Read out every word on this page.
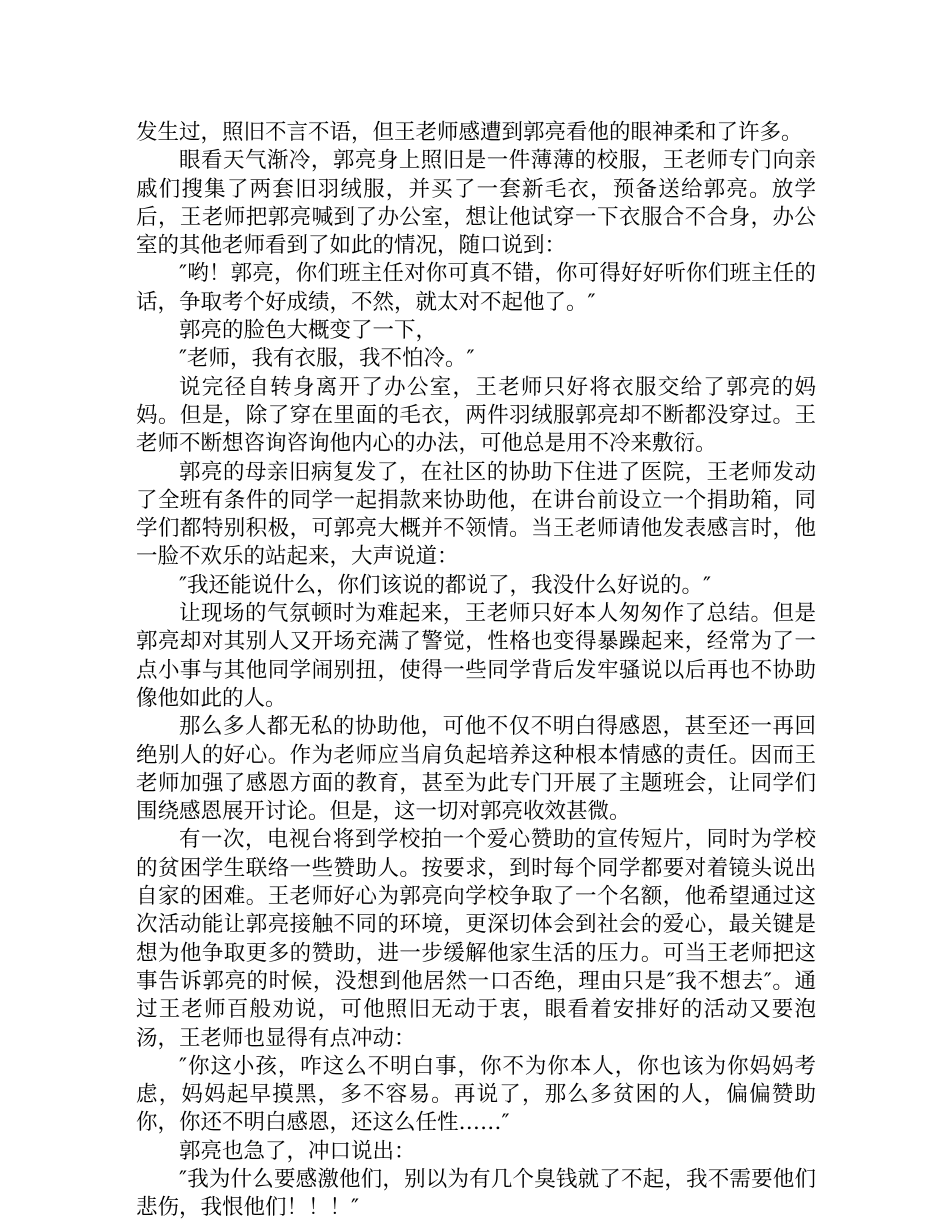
发生过，照旧不言不语，但王老师感遭到郭亮看他的眼神柔和了许多。

眼看天气渐冷，郭亮身上照旧是一件薄薄的校服，王老师专门向亲戚们搜集了两套旧羽绒服，并买了一套新毛衣，预备送给郭亮。放学后，王老师把郭亮喊到了办公室，想让他试穿一下衣服合不合身，办公室的其他老师看到了如此的情况，随口说到：

″哟！郭亮，你们班主任对你可真不错，你可得好好听你们班主任的话，争取考个好成绩，不然，就太对不起他了。″

郭亮的脸色大概变了一下，

″老师，我有衣服，我不怕冷。″

说完径自转身离开了办公室，王老师只好将衣服交给了郭亮的妈妈。但是，除了穿在里面的毛衣，两件羽绒服郭亮却不断都没穿过。王老师不断想咨询咨询他内心的办法，可他总是用不冷来敷衍。

郭亮的母亲旧病复发了，在社区的协助下住进了医院，王老师发动了全班有条件的同学一起捐款来协助他，在讲台前设立一个捐助箱，同学们都特别积极，可郭亮大概并不领情。当王老师请他发表感言时，他一脸不欢乐的站起来，大声说道：

″我还能说什么，你们该说的都说了，我没什么好说的。″

让现场的气氛顿时为难起来，王老师只好本人匆匆作了总结。但是郭亮却对其别人又开场充满了警觉，性格也变得暴躁起来，经常为了一点小事与其他同学闹别扭，使得一些同学背后发牢骚说以后再也不协助像他如此的人。

那么多人都无私的协助他，可他不仅不明白得感恩，甚至还一再回绝别人的好心。作为老师应当肩负起培养这种根本情感的责任。因而王老师加强了感恩方面的教育，甚至为此专门开展了主题班会，让同学们围绕感恩展开讨论。但是，这一切对郭亮收效甚微。

有一次，电视台将到学校拍一个爱心赞助的宣传短片，同时为学校的贫困学生联络一些赞助人。按要求，到时每个同学都要对着镜头说出自家的困难。王老师好心为郭亮向学校争取了一个名额，他希望通过这次活动能让郭亮接触不同的环境，更深切体会到社会的爱心，最关键是想为他争取更多的赞助，进一步缓解他家生活的压力。可当王老师把这事告诉郭亮的时候，没想到他居然一口否绝，理由只是″我不想去″。通过王老师百般劝说，可他照旧无动于衷，眼看着安排好的活动又要泡汤，王老师也显得有点冲动：

″你这小孩，咋这么不明白事，你不为你本人，你也该为你妈妈考虑，妈妈起早摸黑，多不容易。再说了，那么多贫困的人，偏偏赞助你，你还不明白感恩，还这么任性……″

郭亮也急了，冲口说出：

″我为什么要感激他们，别以为有几个臭钱就了不起，我不需要他们悲伤，我恨他们！！！″
